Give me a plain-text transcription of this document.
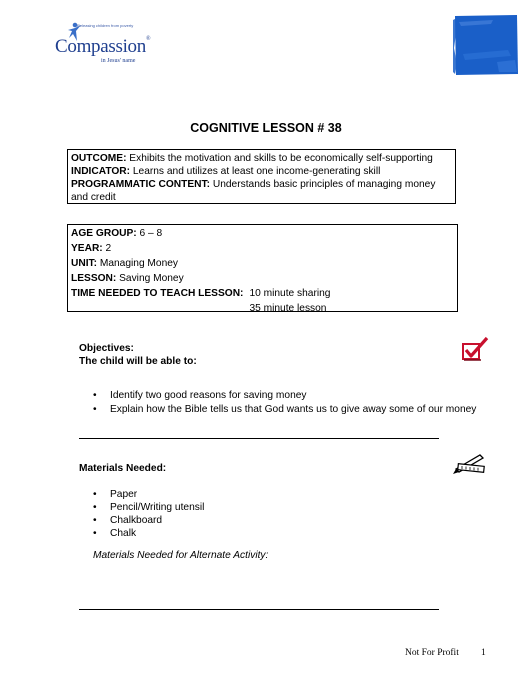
Releasing children from poverty
Compassion®
in Jesus' name
COGNITIVE LESSON # 38
OUTCOME: Exhibits the motivation and skills to be economically self-supporting
INDICATOR: Learns and utilizes at least one income-generating skill
PROGRAMMATIC CONTENT: Understands basic principles of managing money and credit
AGE GROUP: 6 – 8
YEAR: 2
UNIT: Managing Money
LESSON: Saving Money
TIME NEEDED TO TEACH LESSON: 10 minute sharing
35 minute lesson
Objectives:
The child will be able to:
• Identify two good reasons for saving money
• Explain how the Bible tells us that God wants us to give away some of our money
Materials Needed:
• Paper
• Pencil/Writing utensil
• Chalkboard
• Chalk
Materials Needed for Alternate Activity:
Not For Profit 1
